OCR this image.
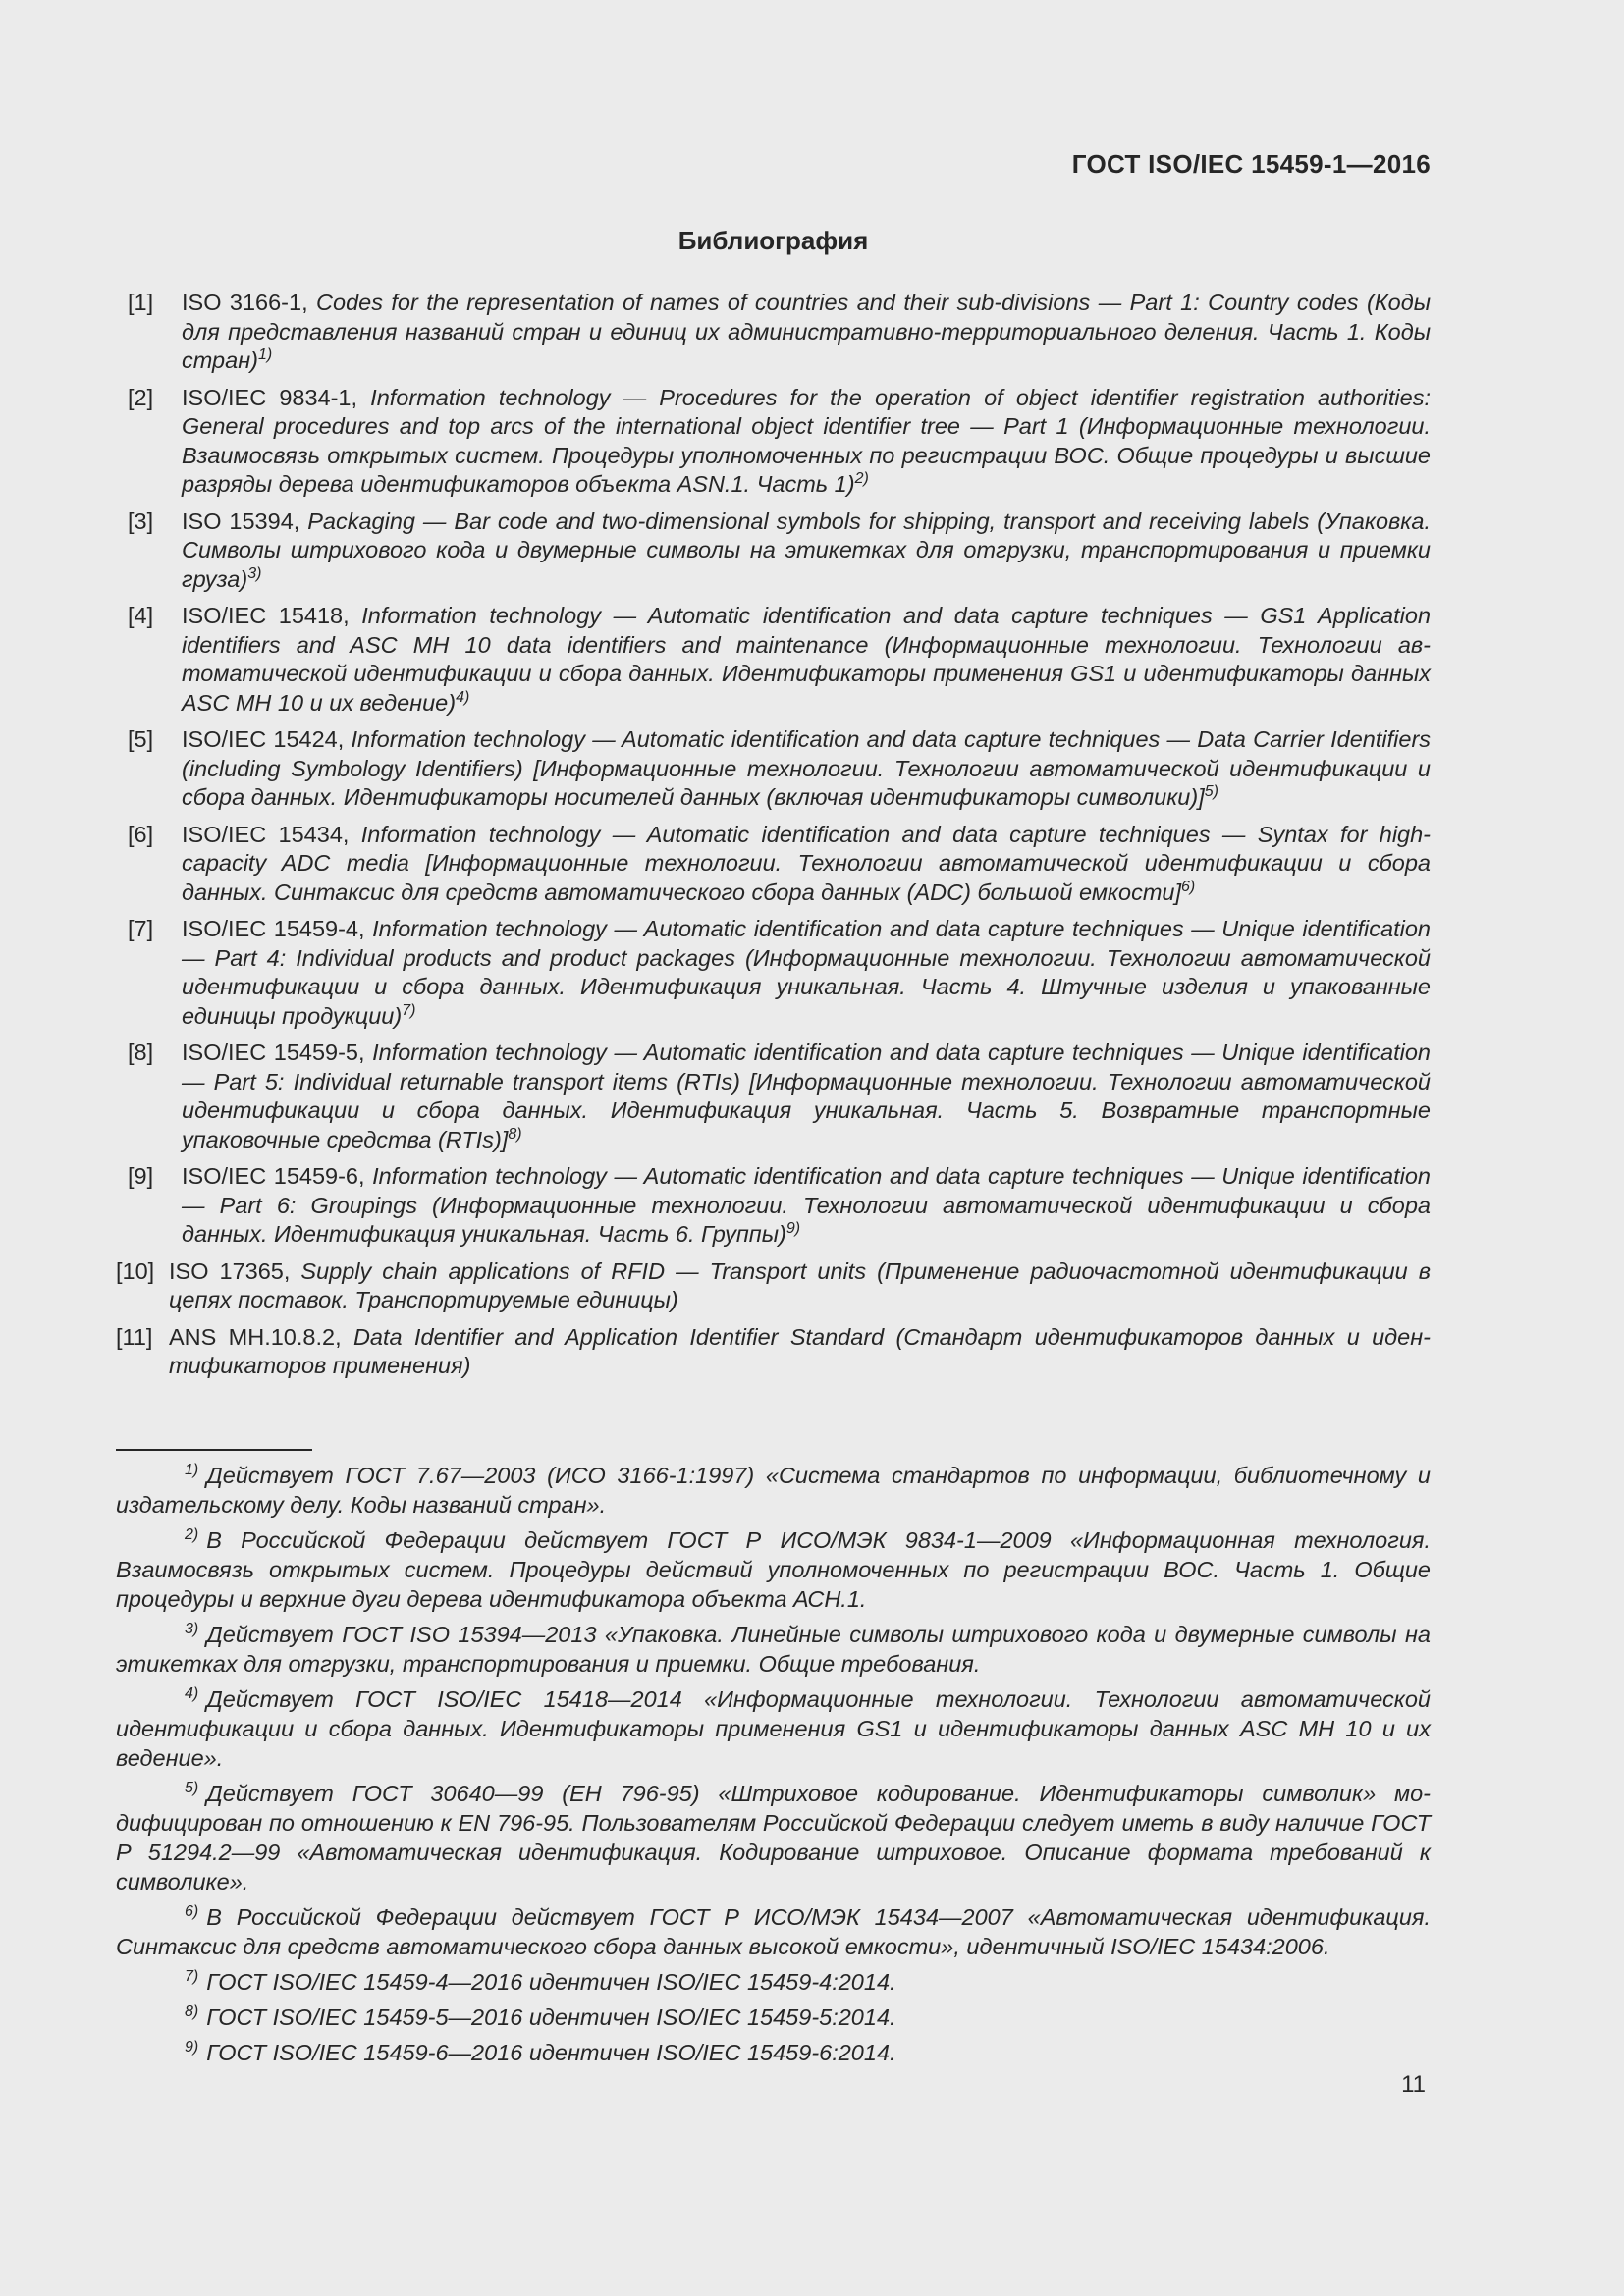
ГОСТ ISO/IEC 15459-1—2016
Библиография
[1] ISO 3166-1, Codes for the representation of names of countries and their sub-divisions — Part 1: Country codes (Коды для представления названий стран и единиц их административно-территориального деления. Часть 1. Коды стран)$^{1)}$
[2] ISO/IEC 9834-1, Information technology — Procedures for the operation of object identifier registration authorities: General procedures and top arcs of the international object identifier tree — Part 1 (Информационные технологии. Взаимосвязь открытых систем. Процедуры уполномоченных по регистрации ВОС. Общие процедуры и высшие разряды дерева идентификаторов объекта ASN.1. Часть 1)$^{2)}$
[3] ISO 15394, Packaging — Bar code and two-dimensional symbols for shipping, transport and receiving labels (Упаковка. Символы штрихового кода и двумерные символы на этикетках для отгрузки, транспортирования и приемки груза)$^{3)}$
[4] ISO/IEC 15418, Information technology — Automatic identification and data capture techniques — GS1 Application identifiers and ASC MH 10 data identifiers and maintenance (Информационные технологии. Технологии автоматической идентификации и сбора данных. Идентификаторы применения GS1 и идентификаторы данных ASC MH 10 и их ведение)$^{4)}$
[5] ISO/IEC 15424, Information technology — Automatic identification and data capture techniques — Data Carrier Identifiers (including Symbology Identifiers) [Информационные технологии. Технологии автоматической идентификации и сбора данных. Идентификаторы носителей данных (включая идентификаторы символики)]$^{5)}$
[6] ISO/IEC 15434, Information technology — Automatic identification and data capture techniques — Syntax for high-capacity ADC media [Информационные технологии. Технологии автоматической идентификации и сбора данных. Синтаксис для средств автоматического сбора данных (ADC) большой емкости]$^{6)}$
[7] ISO/IEC 15459-4, Information technology — Automatic identification and data capture techniques — Unique identification — Part 4: Individual products and product packages (Информационные технологии. Технологии автоматической идентификации и сбора данных. Идентификация уникальная. Часть 4. Штучные изделия и упакованные единицы продукции)$^{7)}$
[8] ISO/IEC 15459-5, Information technology — Automatic identification and data capture techniques — Unique identification — Part 5: Individual returnable transport items (RTIs) [Информационные технологии. Технологии автоматической идентификации и сбора данных. Идентификация уникальная. Часть 5. Возвратные транспортные упаковочные средства (RTIs)]$^{8)}$
[9] ISO/IEC 15459-6, Information technology — Automatic identification and data capture techniques — Unique identification — Part 6: Groupings (Информационные технологии. Технологии автоматической идентификации и сбора данных. Идентификация уникальная. Часть 6. Группы)$^{9)}$
[10] ISO 17365, Supply chain applications of RFID — Transport units (Применение радиочастотной идентификации в цепях поставок. Транспортируемые единицы)
[11] ANS MH.10.8.2, Data Identifier and Application Identifier Standard (Стандарт идентификаторов данных и идентификаторов применения)
$^{1)}$ Действует ГОСТ 7.67—2003 (ИСО 3166-1:1997) «Система стандартов по информации, библиотечному и издательскому делу. Коды названий стран».
$^{2)}$ В Российской Федерации действует ГОСТ Р ИСО/МЭК 9834-1—2009 «Информационная технология. Взаимосвязь открытых систем. Процедуры действий уполномоченных по регистрации ВОС. Часть 1. Общие процедуры и верхние дуги дерева идентификатора объекта АСН.1.
$^{3)}$ Действует ГОСТ ISO 15394—2013 «Упаковка. Линейные символы штрихового кода и двумерные символы на этикетках для отгрузки, транспортирования и приемки. Общие требования.
$^{4)}$ Действует ГОСТ ISO/IEC 15418—2014 «Информационные технологии. Технологии автоматической идентификации и сбора данных. Идентификаторы применения GS1 и идентификаторы данных ASC MH 10 и их ведение».
$^{5)}$ Действует ГОСТ 30640—99 (ЕН 796-95) «Штриховое кодирование. Идентификаторы символик» модифицирован по отношению к EN 796-95. Пользователям Российской Федерации следует иметь в виду наличие ГОСТ Р 51294.2—99 «Автоматическая идентификация. Кодирование штриховое. Описание формата требований к символике».
$^{6)}$ В Российской Федерации действует ГОСТ Р ИСО/МЭК 15434—2007 «Автоматическая идентификация. Синтаксис для средств автоматического сбора данных высокой емкости», идентичный ISO/IEC 15434:2006.
$^{7)}$ ГОСТ ISO/IEC 15459-4—2016 идентичен ISO/IEC 15459-4:2014.
$^{8)}$ ГОСТ ISO/IEC 15459-5—2016 идентичен ISO/IEC 15459-5:2014.
$^{9)}$ ГОСТ ISO/IEC 15459-6—2016 идентичен ISO/IEC 15459-6:2014.
11
